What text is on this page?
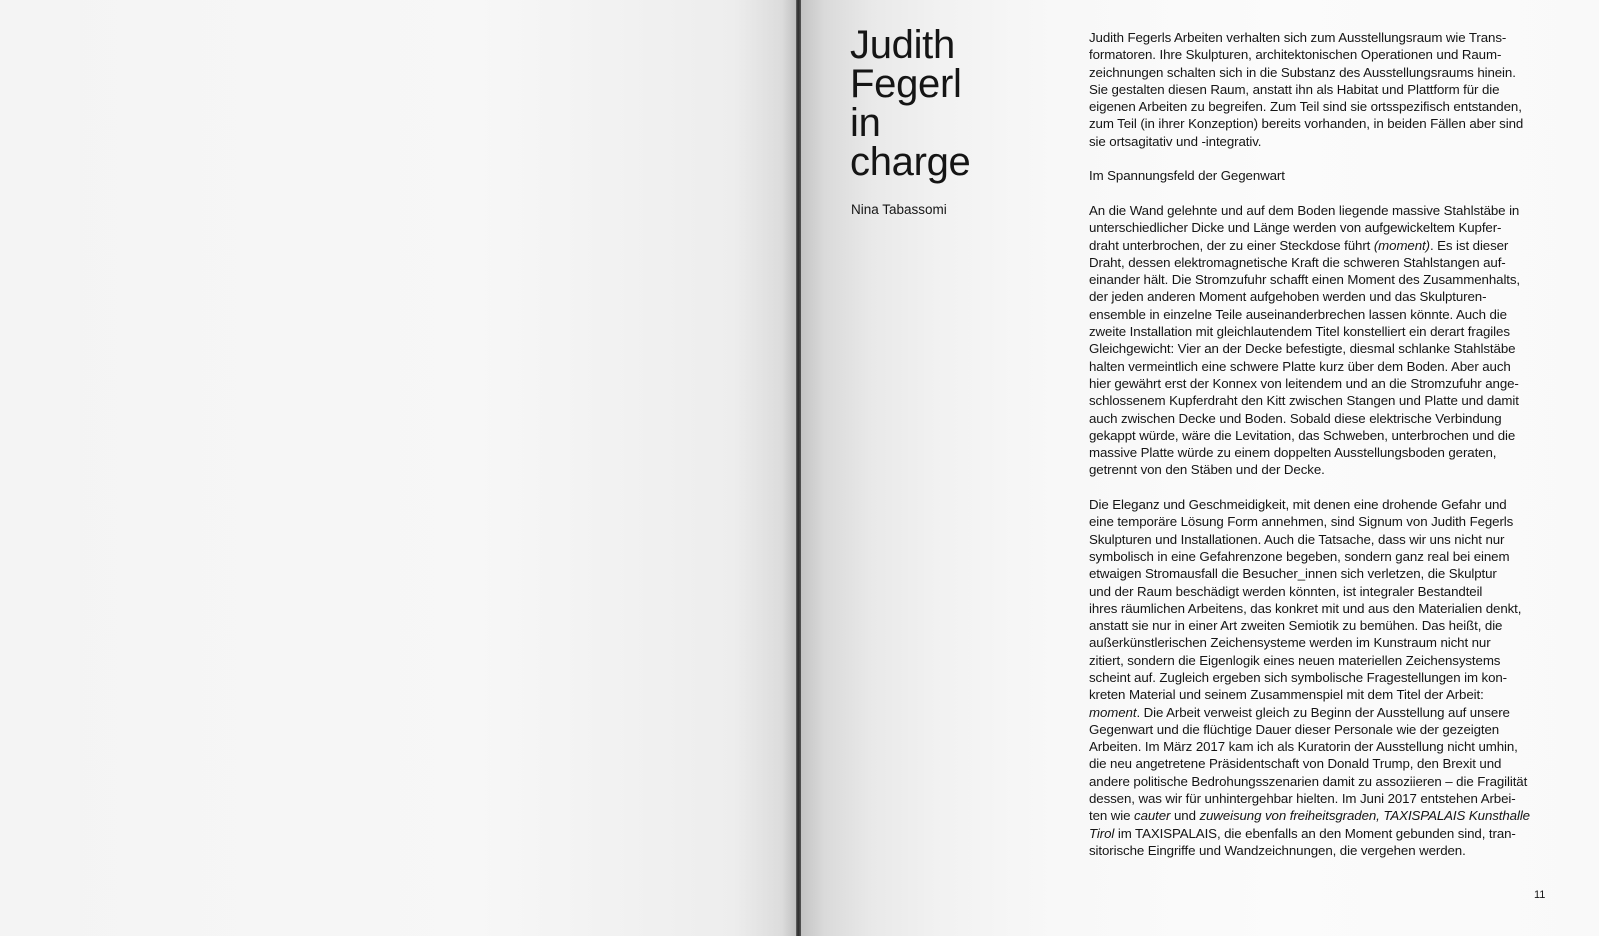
Judith
Fegerl
in
charge
Nina Tabassomi
Judith Fegerls Arbeiten verhalten sich zum Ausstellungsraum wie Trans-
formatoren. Ihre Skulpturen, architektonischen Operationen und Raum-
zeichnungen schalten sich in die Substanz des Ausstellungsraums hinein.
Sie gestalten diesen Raum, anstatt ihn als Habitat und Plattform für die
eigenen Arbeiten zu begreifen. Zum Teil sind sie ortsspezifisch entstanden,
zum Teil (in ihrer Konzeption) bereits vorhanden, in beiden Fällen aber sind
sie ortsagitativ und -integrativ.
Im Spannungsfeld der Gegenwart
An die Wand gelehnte und auf dem Boden liegende massive Stahlstäbe in
unterschiedlicher Dicke und Länge werden von aufgewickeltem Kupfer-
draht unterbrochen, der zu einer Steckdose führt (moment). Es ist dieser
Draht, dessen elektromagnetische Kraft die schweren Stahlstangen auf-
einander hält. Die Stromzufuhr schafft einen Moment des Zusammenhalts,
der jeden anderen Moment aufgehoben werden und das Skulpturen-
ensemble in einzelne Teile auseinanderbrechen lassen könnte. Auch die
zweite Installation mit gleichlautendem Titel konstelliert ein derart fragiles
Gleichgewicht: Vier an der Decke befestigte, diesmal schlanke Stahlstäbe
halten vermeintlich eine schwere Platte kurz über dem Boden. Aber auch
hier gewährt erst der Konnex von leitendem und an die Stromzufuhr ange-
schlossenem Kupferdraht den Kitt zwischen Stangen und Platte und damit
auch zwischen Decke und Boden. Sobald diese elektrische Verbindung
gekappt würde, wäre die Levitation, das Schweben, unterbrochen und die
massive Platte würde zu einem doppelten Ausstellungsboden geraten,
getrennt von den Stäben und der Decke.
Die Eleganz und Geschmeidigkeit, mit denen eine drohende Gefahr und
eine temporäre Lösung Form annehmen, sind Signum von Judith Fegerls
Skulpturen und Installationen. Auch die Tatsache, dass wir uns nicht nur
symbolisch in eine Gefahrenzone begeben, sondern ganz real bei einem
etwaigen Stromausfall die Besucher_innen sich verletzen, die Skulptur
und der Raum beschädigt werden könnten, ist integraler Bestandteil
ihres räumlichen Arbeitens, das konkret mit und aus den Materialien denkt,
anstatt sie nur in einer Art zweiten Semiotik zu bemühen. Das heißt, die
außerkünstlerischen Zeichensysteme werden im Kunstraum nicht nur
zitiert, sondern die Eigenlogik eines neuen materiellen Zeichensystems
scheint auf. Zugleich ergeben sich symbolische Fragestellungen im kon-
kreten Material und seinem Zusammenspiel mit dem Titel der Arbeit:
moment. Die Arbeit verweist gleich zu Beginn der Ausstellung auf unsere
Gegenwart und die flüchtige Dauer dieser Personale wie der gezeigten
Arbeiten. Im März 2017 kam ich als Kuratorin der Ausstellung nicht umhin,
die neu angetretene Präsidentschaft von Donald Trump, den Brexit und
andere politische Bedrohungsszenarien damit zu assoziieren – die Fragilität
dessen, was wir für unhintergehbar hielten. Im Juni 2017 entstehen Arbei-
ten wie cauter und zuweisung von freiheitsgraden, TAXISPALAIS Kunsthalle
Tirol im TAXISPALAIS, die ebenfalls an den Moment gebunden sind, tran-
sitorische Eingriffe und Wandzeichnungen, die vergehen werden.
11
